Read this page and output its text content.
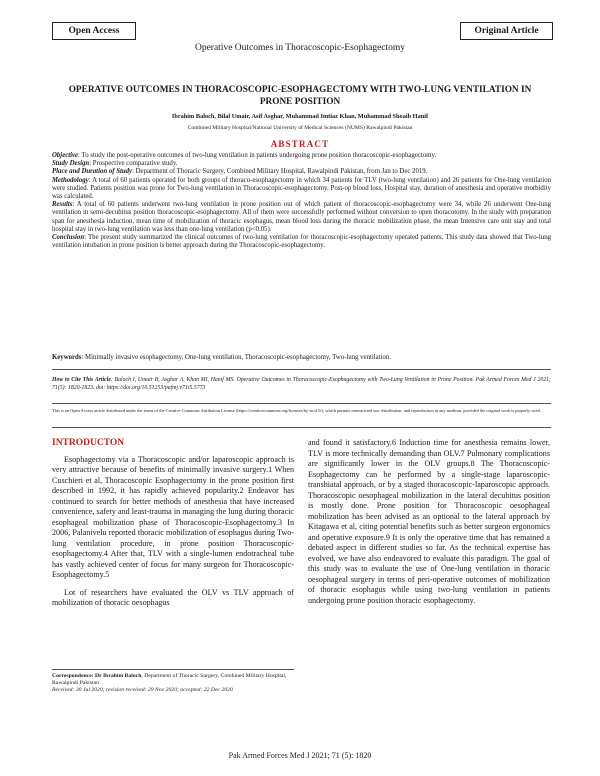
Open Access	Original Article
Operative Outcomes in Thoracoscopic-Esophagectomy
OPERATIVE OUTCOMES IN THORACOSCOPIC-ESOPHAGECTOMY WITH TWO-LUNG VENTILATION IN PRONE POSITION
Ibrahim Baloch, Bilal Umair, Asif Asghar, Muhammad Imtiaz Khan, Muhammad Shoaib Hanif
Combined Military Hospital/National University of Medical Sciences (NUMS) Rawalpindi Pakistan
ABSTRACT

Objective: To study the post-operative outcomes of two-lung ventilation in patients undergoing prone position thoracoscopic-esophagectomy.

Study Design: Prospective comparative study.

Place and Duration of Study: Department of Thoracic Surgery, Combined Military Hospital, Rawalpindi Pakistan, from Jan to Dec 2019.

Methodology: A total of 60 patients operated for both groups of thoraco-esophagectomy in which 34 patients for TLV (two-lung ventilation) and 26 patients for One-lung ventilation were studied. Patients position was prone for Two-lung ventilation in Thoracoscopic-esophagectomy. Post-op blood loss, Hospital stay, duration of anesthesia and operative morbidity was calculated.

Results: A total of 60 patients underwent two-lung ventilation in prone position out of which patient of thoracoscopic-esophagectomy were 34, while 26 underwent One-lung ventilation in semi-decubitus position thoracoscopic-esophagectomy. All of them were successfully performed without conversion to open thoracotomy. In the study with preparation span for anesthesia induction, mean time of mobilization of thoracic esophagus, mean blood loss during the thoracic mobilization phase, the mean Intensive care unit stay and total hospital stay in two-lung ventilation was less than one-lung ventilation (p<0.05).

Conclusion: The present study summarized the clinical outcomes of two-lung ventilation for thoracoscopic-esophagectomy operated patients. This study data showed that Two-lung ventilation intubation in prone position is better approach during the Thoracoscopic-esophagectomy.

Keywords: Minimally invasive esophagectomy, One-lung ventilation, Thoracoscopic-esophagectomy, Two-lung ventilation.
How to Cite This Article: Baloch I, Umair B, Asghar A, Khan MI, Hanif MS. Operative Outcomes in Thoracoscopic-Esophagectomy with Two-Lung Ventilation in Prone Position. Pak Armed Forces Med J 2021; 71(5): 1820-1823. doi: https://doi.org/10.51253/pafmj.v71i5.5773
This is an Open Access article distributed under the terms of the Creative Commons Attribution License (https://creativecommons.org/licenses/by-nc/4.0/), which permits unrestricted use, distribution, and reproduction in any medium, provided the original work is properly cited.
INTRODUCTON

Esophagectomy via a Thoracoscopic and/or laparoscopic approach is very attractive because of benefits of minimally invasive surgery.1 When Cuschieri et al, Thoracoscopic Esophagectomy in the prone position first described in 1992, it has rapidly achieved popularity.2 Endeavor has continued to search for better methods of anesthesia that have increased convenience, safety and least-trauma in managing the lung during thoracic esophageal mobilization phase of Thoracoscopic-Esophagectomy.3 In 2006, Palanivelu reported thoracic mobilization of esophagus during Two-lung ventilation procedure, in prone position Thoracoscopic-esophagectomy.4 After that, TLV with a single-lumen endotracheal tube has vastly achieved center of focus for many surgeon for Thoracoscopic-Esophagectomy.5

Lot of researchers have evaluated the OLV vs TLV approach of mobilization of thoracic oesophagus

and found it satisfactory.6 Induction time for anesthesia remains lower, TLV is more technically demanding than OLV.7 Pulmonary complications are significantly lower in the OLV groups.8 The Thoracoscopic-Esophagectomy can be performed by a single-stage laparoscopic-transhiatal approach, or by a staged thoracoscopic-laparoscopic approach. Thoracoscopic oesophageal mobilization in the lateral decubitus position is mostly done. Prone position for Thoracoscopic oesophageal mobilization has been advised as an optional to the lateral approach by Kitagawa et al, citing potential benefits such as better surgeon ergonomics and operative exposure.9 It is only the operative time that has remained a debated aspect in different studies so far. As the technical expertise has evolved, we have also endeavored to evaluate this paradigm. The goal of this study was to evaluate the use of One-lung ventilation in thoracic oesophageal surgery in terms of peri-operative outcomes of mobilization of thoracic esophagus while using two-lung ventilation in patients undergoing prone position thoracic esophagectomy.

Correspondence: Dr Ibrahim Baloch, Department of Thoracic Surgery, Combined Military Hospital, Rawalpindi Pakistan
Received: 30 Jul 2020; revision received: 29 Nov 2020; accepted: 22 Dec 2020
Pak Armed Forces Med J 2021; 71 (5): 1820
